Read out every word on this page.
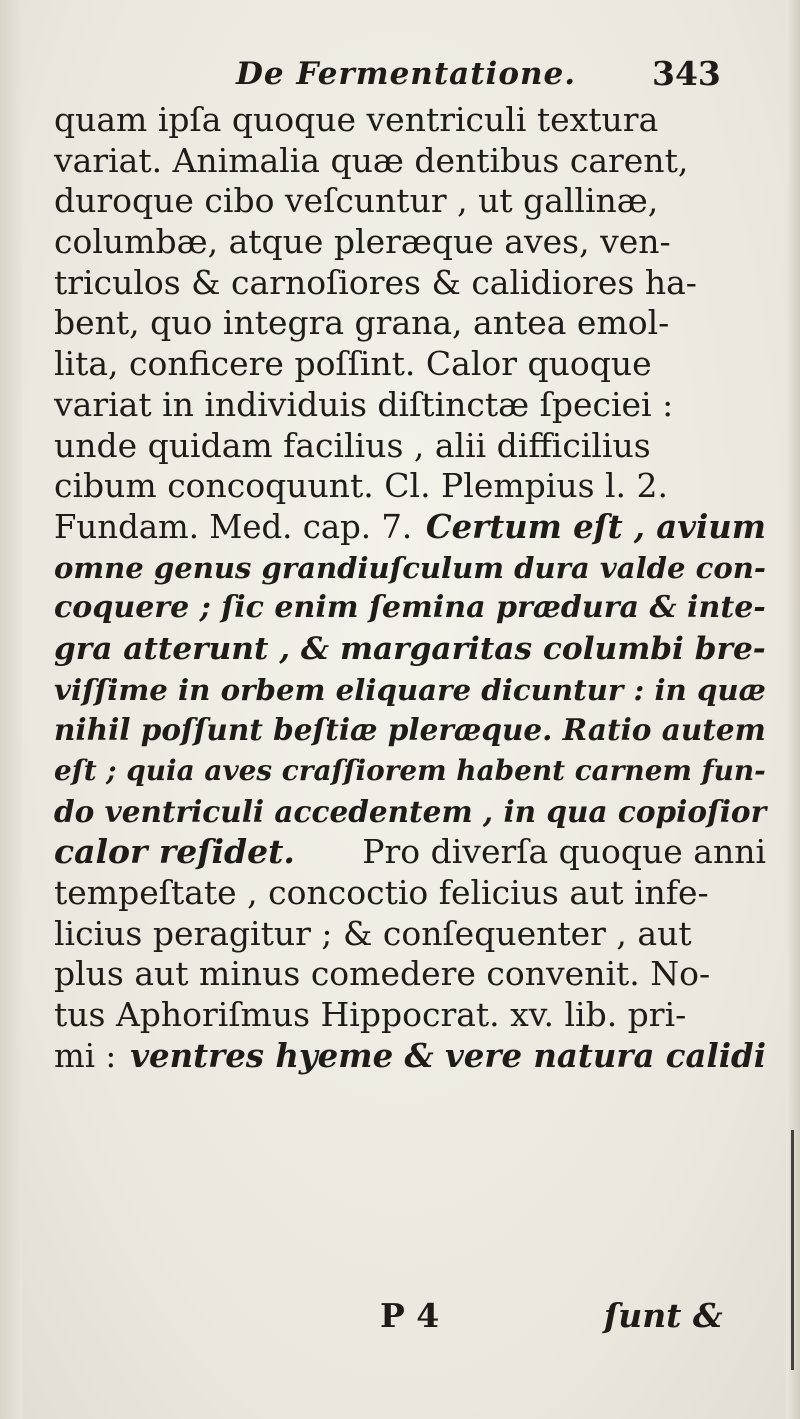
De Fermentatione. 343
quam ipſa quoque ventriculi textura
variat. Animalia quæ dentibus carent,
duroque cibo veſcuntur , ut gallinæ,
columbæ, atque pleræque aves, ven-
triculos & carnoſiores & calidiores ha-
bent, quo integra grana, antea emol-
lita, conficere poſſint. Calor quoque
variat in individuis diſtinctæ ſpeciei :
unde quidam facilius , alii difficilius
cibum concoquunt. Cl. Plempius l. 2.
Fundam. Med. cap. 7. Certum eſt , avium
omne genus grandiuſculum dura valde con-
coquere ; ſic enim ſemina prædura & inte-
gra atterunt , & margaritas columbi bre-
viſſime in orbem eliquare dicuntur : in quæ
nihil poſſunt beſtiæ pleræque. Ratio autem
eſt ; quia aves craſſiorem habent carnem fun-
do ventriculi accedentem , in qua copioſior
calor reſidet. Pro diverſa quoque anni
tempeſtate , concoctio felicius aut infe-
licius peragitur ; & conſequenter , aut
plus aut minus comedere convenit. No-
tus Aphoriſmus Hippocrat. xv. lib. pri-
mi : ventres hyeme & vere natura calidi
P 4	ſunt &
